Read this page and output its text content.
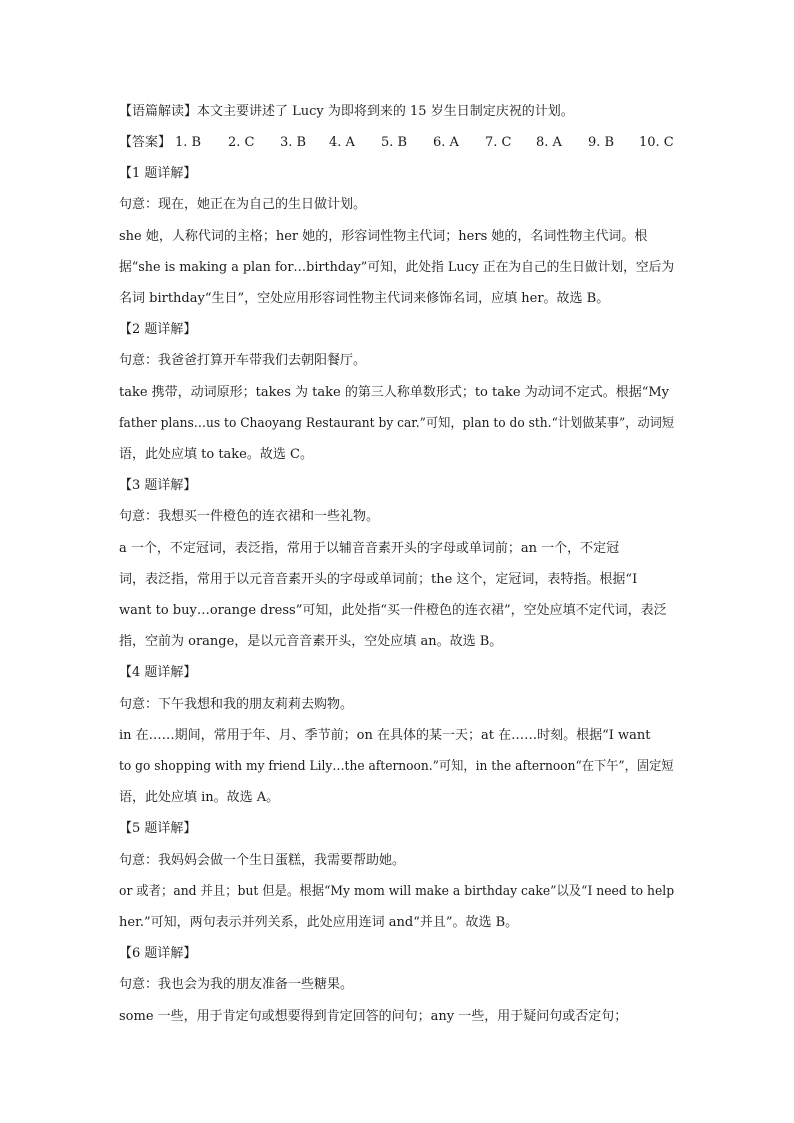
【语篇解读】本文主要讲述了 Lucy 为即将到来的 15 岁生日制定庆祝的计划。
【答案】 1. B 2. C 3. B 4. A 5. B 6. A 7. C 8. A 9. B 10. C
【1 题详解】
句意：现在，她正在为自己的生日做计划。
she 她，人称代词的主格；her 她的，形容词性物主代词；hers 她的，名词性物主代词。根
据“she is making a plan for…birthday”可知，此处指 Lucy 正在为自己的生日做计划，空后为
名词 birthday“生日”，空处应用形容词性物主代词来修饰名词，应填 her。故选 B。
【2 题详解】
句意：我爸爸打算开车带我们去朝阳餐厅。
take 携带，动词原形；takes 为 take 的第三人称单数形式；to take 为动词不定式。根据“My
father plans…us to Chaoyang Restaurant by car.”可知，plan to do sth.“计划做某事”，动词短
语，此处应填 to take。故选 C。
【3 题详解】
句意：我想买一件橙色的连衣裙和一些礼物。
a 一个，不定冠词，表泛指，常用于以辅音音素开头的字母或单词前；an 一个，不定冠
词，表泛指，常用于以元音音素开头的字母或单词前；the 这个，定冠词，表特指。根据“I
want to buy…orange dress”可知，此处指“买一件橙色的连衣裙”，空处应填不定代词，表泛
指，空前为 orange，是以元音音素开头，空处应填 an。故选 B。
【4 题详解】
句意：下午我想和我的朋友莉莉去购物。
in 在……期间，常用于年、月、季节前；on 在具体的某一天；at 在……时刻。根据“I want
to go shopping with my friend Lily…the afternoon.”可知，in the afternoon“在下午”，固定短
语，此处应填 in。故选 A。
【5 题详解】
句意：我妈妈会做一个生日蛋糕，我需要帮助她。
or 或者；and 并且；but 但是。根据“My mom will make a birthday cake”以及“I need to help
her.”可知，两句表示并列关系，此处应用连词 and“并且”。故选 B。
【6 题详解】
句意：我也会为我的朋友准备一些糖果。
some 一些，用于肯定句或想要得到肯定回答的问句；any 一些，用于疑问句或否定句；
